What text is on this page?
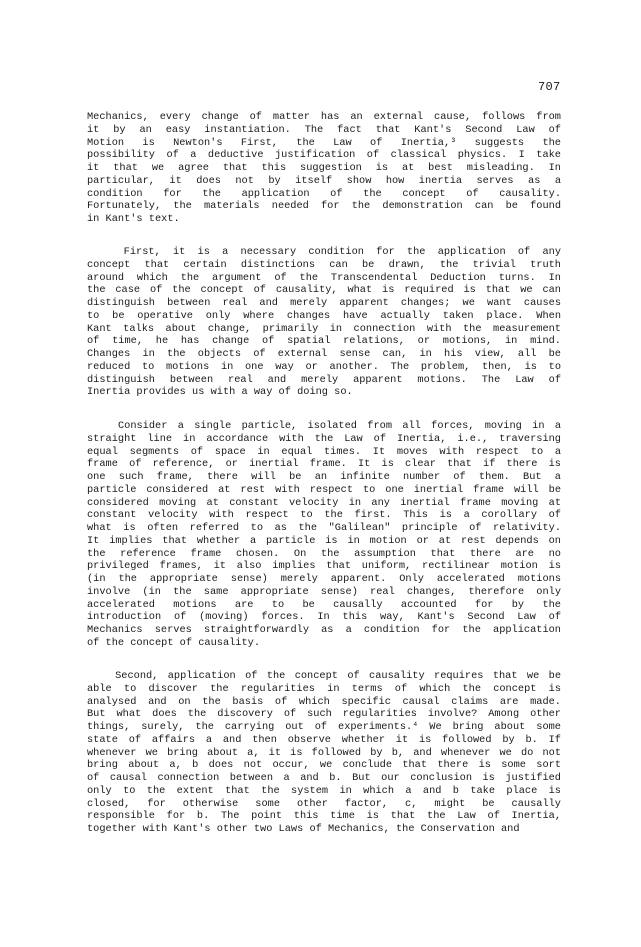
707
Mechanics, every change of matter has an external cause, follows from
it by an easy instantiation. The fact that Kant's Second Law of
Motion is Newton's First, the Law of Inertia,³ suggests the
possibility of a deductive justification of classical physics. I take
it that we agree that this suggestion is at best misleading. In
particular, it does not by itself show how inertia serves as a
condition for the application of the concept of causality.
Fortunately, the materials needed for the demonstration can be found
in Kant's text.
First, it is a necessary condition for the application of any
concept that certain distinctions can be drawn, the trivial truth
around which the argument of the Transcendental Deduction turns. In
the case of the concept of causality, what is required is that we can
distinguish between real and merely apparent changes; we want causes
to be operative only where changes have actually taken place. When
Kant talks about change, primarily in connection with the measurement
of time, he has change of spatial relations, or motions, in mind.
Changes in the objects of external sense can, in his view, all be
reduced to motions in one way or another. The problem, then, is to
distinguish between real and merely apparent motions. The Law of
Inertia provides us with a way of doing so.
Consider a single particle, isolated from all forces, moving in a
straight line in accordance with the Law of Inertia, i.e., traversing
equal segments of space in equal times. It moves with respect to a
frame of reference, or inertial frame. It is clear that if there is
one such frame, there will be an infinite number of them. But a
particle considered at rest with respect to one inertial frame will be
considered moving at constant velocity in any inertial frame moving at
constant velocity with respect to the first. This is a corollary of
what is often referred to as the "Galilean" principle of relativity.
It implies that whether a particle is in motion or at rest depends on
the reference frame chosen. On the assumption that there are no
privileged frames, it also implies that uniform, rectilinear motion is
(in the appropriate sense) merely apparent. Only accelerated motions
involve (in the same appropriate sense) real changes, therefore only
accelerated motions are to be causally accounted for by the
introduction of (moving) forces. In this way, Kant's Second Law of
Mechanics serves straightforwardly as a condition for the application
of the concept of causality.
Second, application of the concept of causality requires that we be
able to discover the regularities in terms of which the concept is
analysed and on the basis of which specific causal claims are made.
But what does the discovery of such regularities involve? Among other
things, surely, the carrying out of experiments.⁴ We bring about some
state of affairs a and then observe whether it is followed by b. If
whenever we bring about a, it is followed by b, and whenever we do not
bring about a, b does not occur, we conclude that there is some sort
of causal connection between a and b. But our conclusion is justified
only to the extent that the system in which a and b take place is
closed, for otherwise some other factor, c, might be causally
responsible for b. The point this time is that the Law of Inertia,
together with Kant's other two Laws of Mechanics, the Conservation and
